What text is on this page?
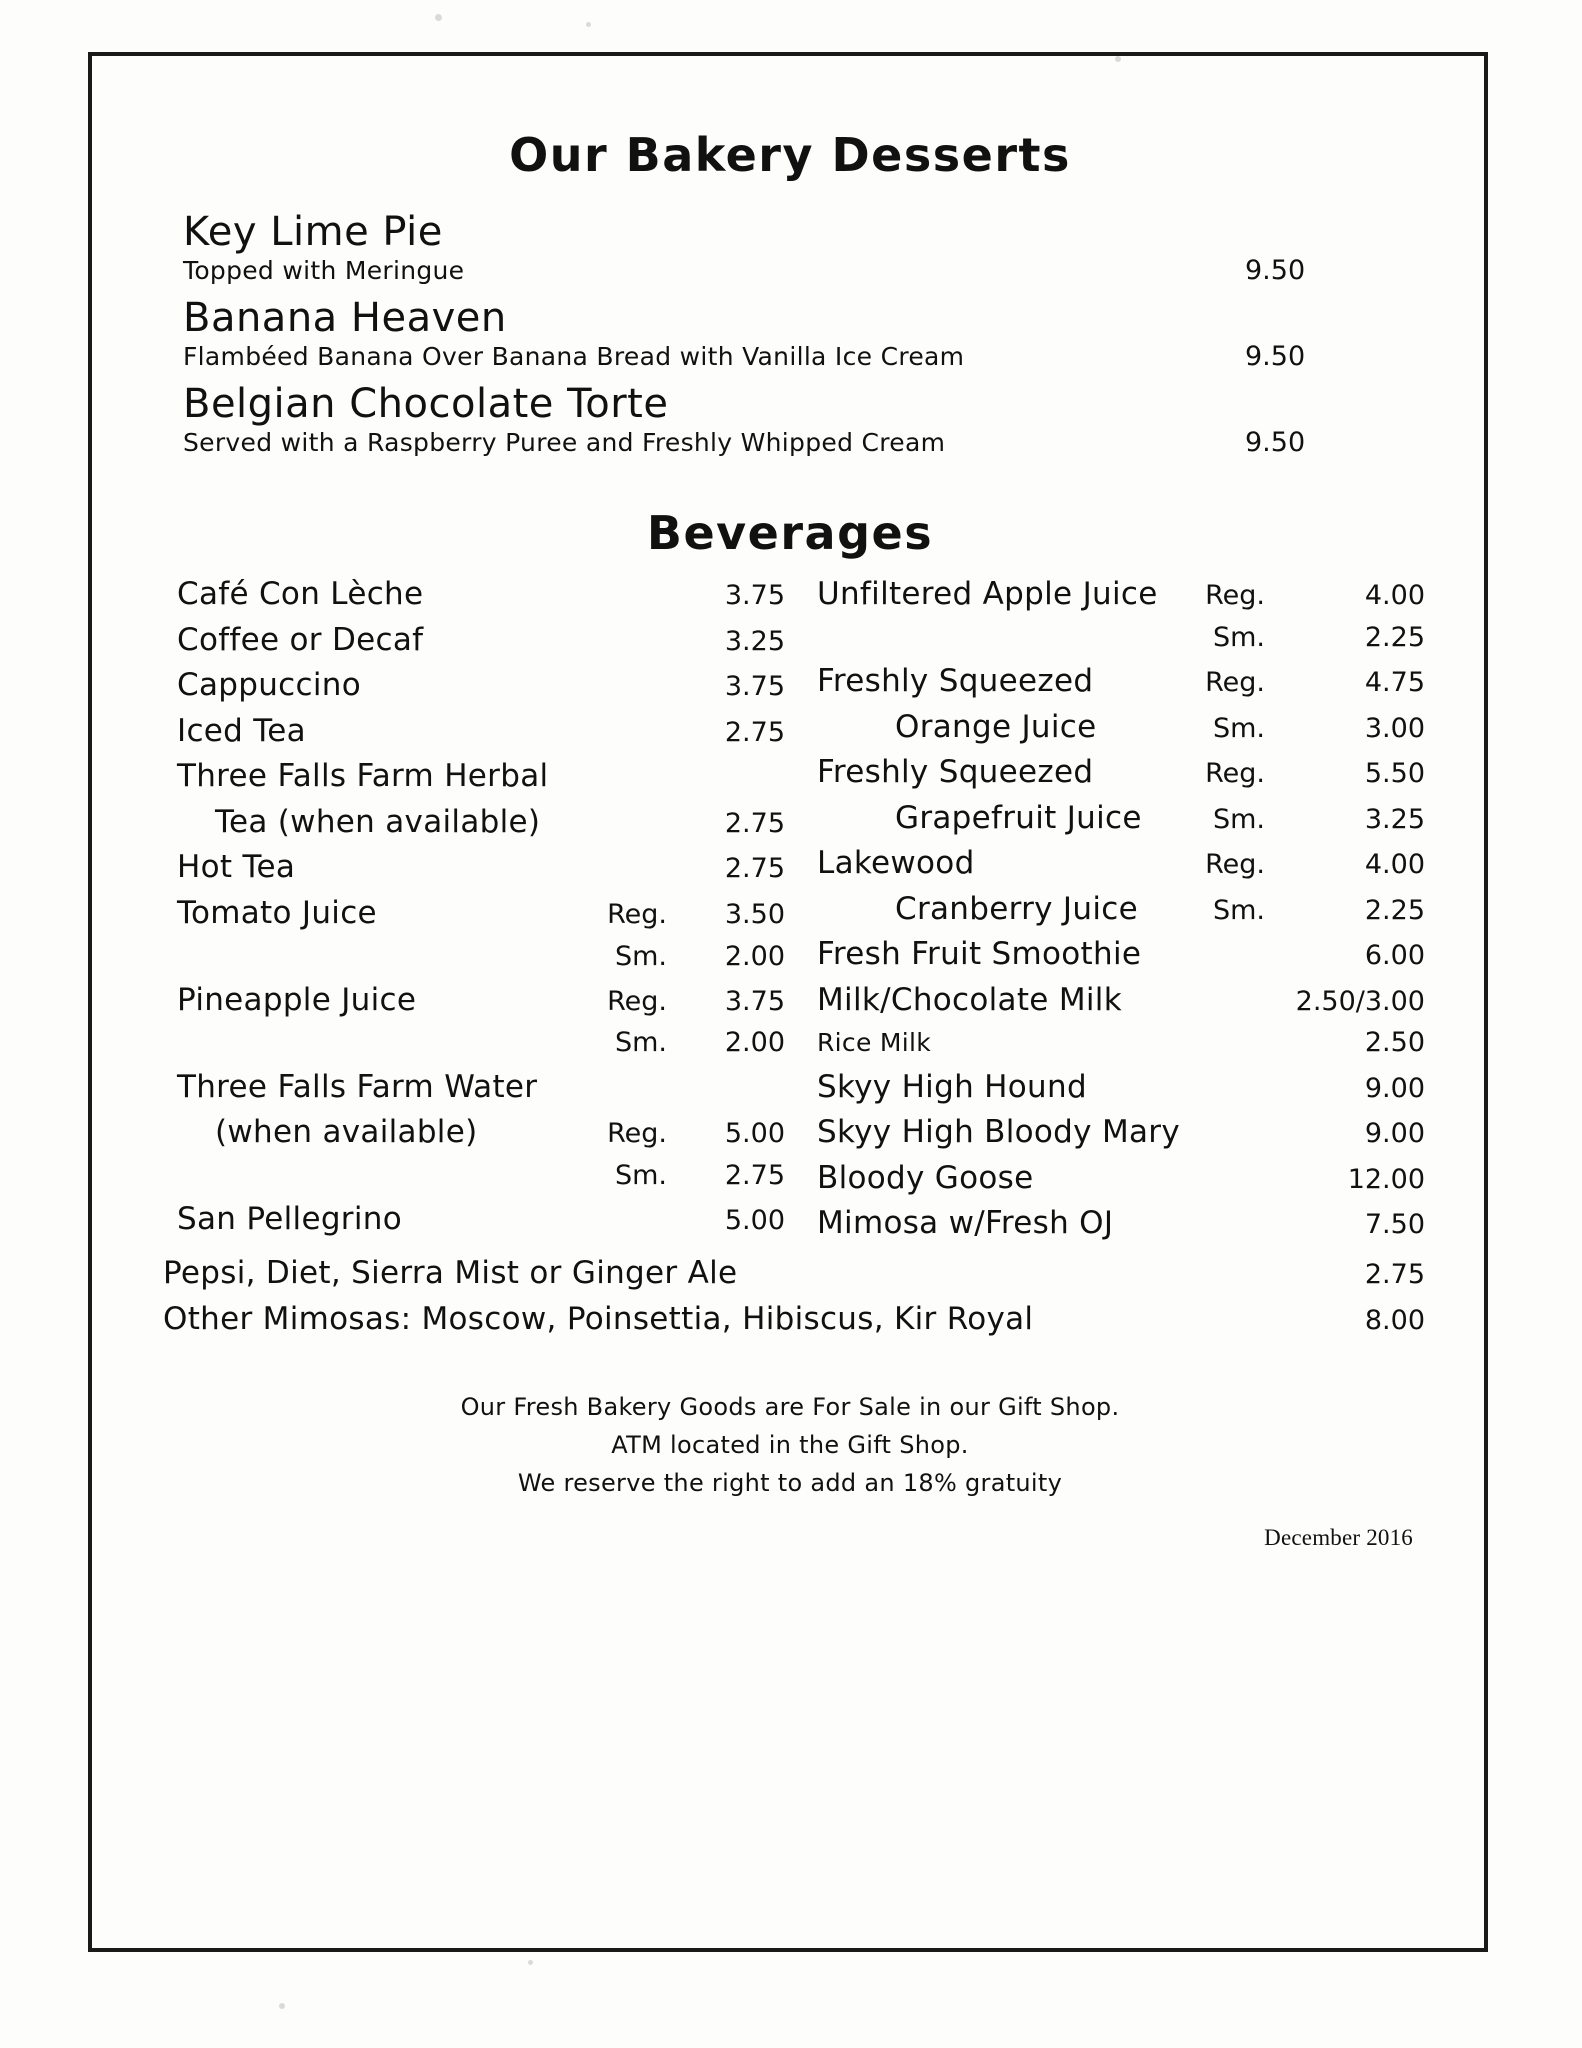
Our Bakery Desserts
Key Lime Pie
Topped with Meringue	9.50
Banana Heaven
Flambéed Banana Over Banana Bread with Vanilla Ice Cream	9.50
Belgian Chocolate Torte
Served with a Raspberry Puree and Freshly Whipped Cream	9.50
Beverages
Café Con Lèche	3.75
Coffee or Decaf	3.25
Cappuccino	3.75
Iced Tea	2.75
Three Falls Farm Herbal
Tea (when available)	2.75
Hot Tea	2.75
Tomato Juice	Reg.	3.50
Sm.	2.00
Pineapple Juice	Reg.	3.75
Sm.	2.00
Three Falls Farm Water
(when available)	Reg.	5.00
Sm.	2.75
San Pellegrino	5.00
Unfiltered Apple Juice	Reg.	4.00
Sm.	2.25
Freshly Squeezed	Reg.	4.75
Orange Juice	Sm.	3.00
Freshly Squeezed	Reg.	5.50
Grapefruit Juice	Sm.	3.25
Lakewood	Reg.	4.00
Cranberry Juice	Sm.	2.25
Fresh Fruit Smoothie	6.00
Milk/Chocolate Milk	2.50/3.00
Rice Milk	2.50
Skyy High Hound	9.00
Skyy High Bloody Mary	9.00
Bloody Goose	12.00
Mimosa w/Fresh OJ	7.50
Pepsi, Diet, Sierra Mist or Ginger Ale	2.75
Other Mimosas: Moscow, Poinsettia, Hibiscus, Kir Royal	8.00
Our Fresh Bakery Goods are For Sale in our Gift Shop.
ATM located in the Gift Shop.
We reserve the right to add an 18% gratuity
December 2016
